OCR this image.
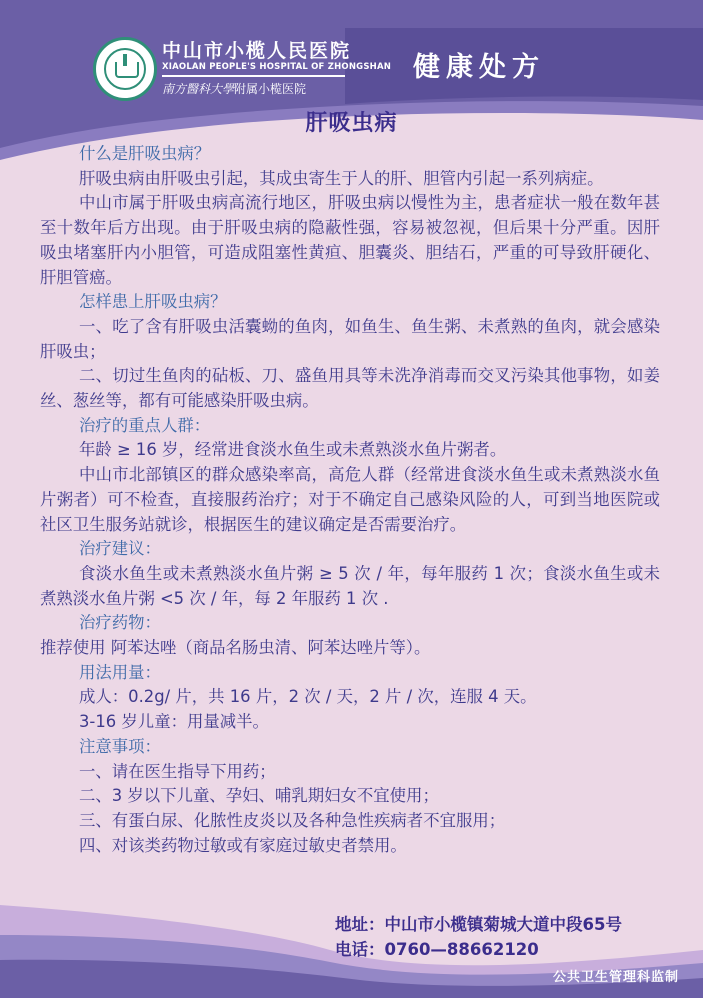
中山市小榄人民医院
XIAOLAN PEOPLE'S HOSPITAL OF ZHONGSHAN
南方醫科大學附属小榄医院
健康处方
肝吸虫病

什么是肝吸虫病？

肝吸虫病由肝吸虫引起，其成虫寄生于人的肝、胆管内引起一系列病症。

中山市属于肝吸虫病高流行地区，肝吸虫病以慢性为主，患者症状一般在数年甚至十数年后方出现。由于肝吸虫病的隐蔽性强，容易被忽视，但后果十分严重。因肝吸虫堵塞肝内小胆管，可造成阻塞性黄疸、胆囊炎、胆结石，严重的可导致肝硬化、肝胆管癌。

怎样患上肝吸虫病？

一、吃了含有肝吸虫活囊蚴的鱼肉，如鱼生、鱼生粥、未煮熟的鱼肉，就会感染肝吸虫；

二、切过生鱼肉的砧板、刀、盛鱼用具等未洗净消毒而交叉污染其他事物，如姜丝、葱丝等，都有可能感染肝吸虫病。

治疗的重点人群：

年龄 ≥ 16 岁，经常进食淡水鱼生或未煮熟淡水鱼片粥者。

中山市北部镇区的群众感染率高，高危人群（经常进食淡水鱼生或未煮熟淡水鱼片粥者）可不检查，直接服药治疗；对于不确定自己感染风险的人，可到当地医院或社区卫生服务站就诊，根据医生的建议确定是否需要治疗。

治疗建议：

食淡水鱼生或未煮熟淡水鱼片粥 ≥ 5 次 / 年，每年服药 1 次；食淡水鱼生或未煮熟淡水鱼片粥 <5 次 / 年，每 2 年服药 1 次 .

治疗药物：

推荐使用 阿苯达唑（商品名肠虫清、阿苯达唑片等）。

用法用量：

成人：0.2g/ 片，共 16 片，2 次 / 天，2 片 / 次，连服 4 天。

3-16 岁儿童：用量减半。

注意事项：

一、请在医生指导下用药；

二、3 岁以下儿童、孕妇、哺乳期妇女不宜使用；

三、有蛋白尿、化脓性皮炎以及各种急性疾病者不宜服用；

四、对该类药物过敏或有家庭过敏史者禁用。

地址：中山市小榄镇菊城大道中段65号
电话：0760—88662120
公共卫生管理科监制
